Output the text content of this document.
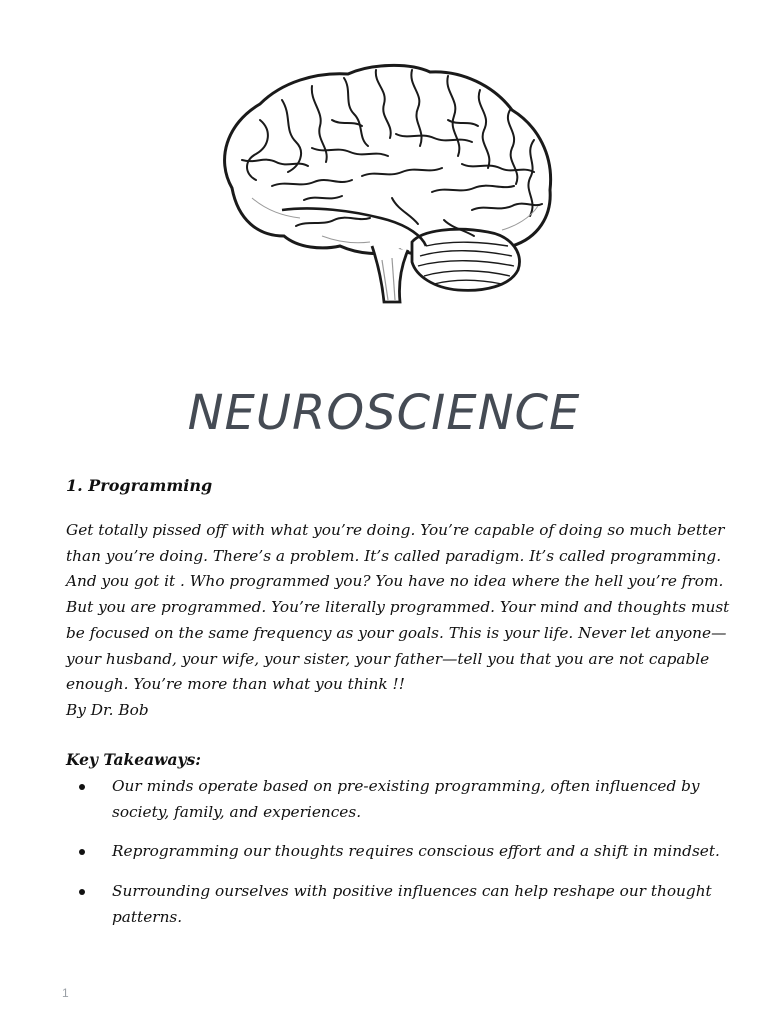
NEUROSCIENCE
1. Programming

Get totally pissed off with what you’re doing. You’re capable of doing so much better
than you’re doing. There’s a problem. It’s called paradigm. It’s called programming.
And you got it . Who programmed you? You have no idea where the hell you’re from.
But you are programmed. You’re literally programmed. Your mind and thoughts must
be focused on the same frequency as your goals. This is your life. Never let anyone—
your husband, your wife, your sister, your father—tell you that you are not capable
enough. You’re more than what you think !!
By Dr. Bob

Key Takeaways:
Our minds operate based on pre-existing programming, often influenced by
society, family, and experiences.
Reprogramming our thoughts requires conscious effort and a shift in mindset.
Surrounding ourselves with positive influences can help reshape our thought
patterns.
1
